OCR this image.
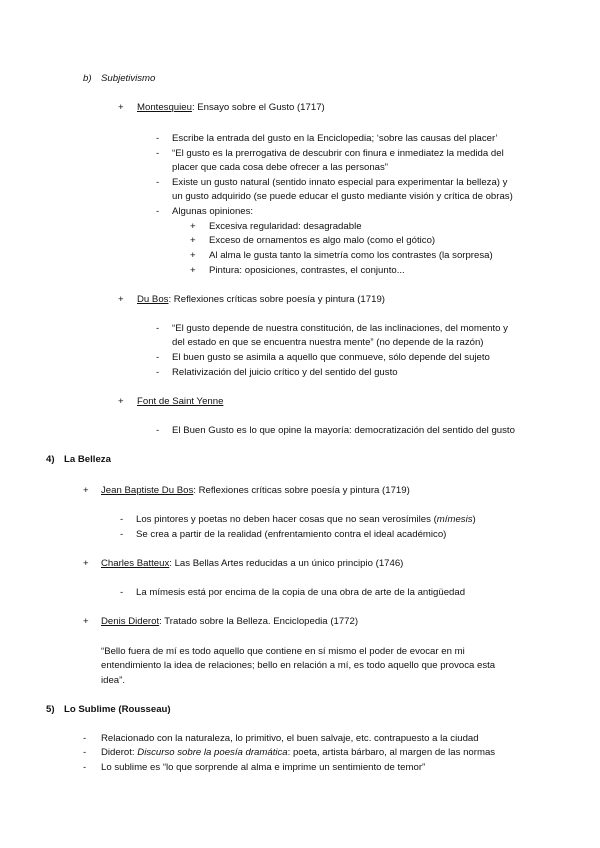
b) Subjetivismo
+ Montesquieu: Ensayo sobre el Gusto (1717)
- Escribe la entrada del gusto en la Enciclopedia; ‘sobre las causas del placer’
- “El gusto es la prerrogativa de descubrir con finura e inmediatez la medida del
placer que cada cosa debe ofrecer a las personas”
- Existe un gusto natural (sentido innato especial para experimentar la belleza) y
un gusto adquirido (se puede educar el gusto mediante visión y crítica de obras)
- Algunas opiniones:
+ Excesiva regularidad: desagradable
+ Exceso de ornamentos es algo malo (como el gótico)
+ Al alma le gusta tanto la simetría como los contrastes (la sorpresa)
+ Pintura: oposiciones, contrastes, el conjunto...
+ Du Bos: Reflexiones críticas sobre poesía y pintura (1719)
- “El gusto depende de nuestra constitución, de las inclinaciones, del momento y
del estado en que se encuentra nuestra mente” (no depende de la razón)
- El buen gusto se asimila a aquello que conmueve, sólo depende del sujeto
- Relativización del juicio crítico y del sentido del gusto
+ Font de Saint Yenne
- El Buen Gusto es lo que opine la mayoría: democratización del sentido del gusto
4) La Belleza
+ Jean Baptiste Du Bos: Reflexiones críticas sobre poesía y pintura (1719)
- Los pintores y poetas no deben hacer cosas que no sean verosímiles (mímesis)
- Se crea a partir de la realidad (enfrentamiento contra el ideal académico)
+ Charles Batteux: Las Bellas Artes reducidas a un único principio (1746)
- La mímesis está por encima de la copia de una obra de arte de la antigüedad
+ Denis Diderot: Tratado sobre la Belleza. Enciclopedia (1772)
“Bello fuera de mí es todo aquello que contiene en sí mismo el poder de evocar en mi
entendimiento la idea de relaciones; bello en relación a mí, es todo aquello que provoca esta
idea”.
5) Lo Sublime (Rousseau)
- Relacionado con la naturaleza, lo primitivo, el buen salvaje, etc. contrapuesto a la ciudad
- Diderot: Discurso sobre la poesía dramática: poeta, artista bárbaro, al margen de las normas
- Lo sublime es “lo que sorprende al alma e imprime un sentimiento de temor”
